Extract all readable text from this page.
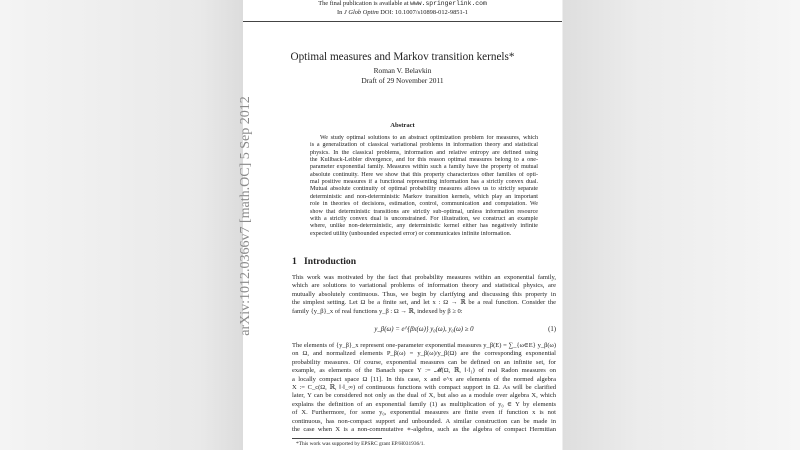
The final publication is available at www.springerlink.com
In J Glob Optim DOI: 10.1007/s10898-012-9851-1
arXiv:1012.0366v7 [math.OC] 5 Sep 2012
Optimal measures and Markov transition kernels*
Roman V. Belavkin
Draft of 29 November 2011
Abstract
We study optimal solutions to an abstract optimization problem for measures, which
is a generalization of classical variational problems in information theory and statistical
physics. In the classical problems, information and relative entropy are defined using
the Kullback-Leibler divergence, and for this reason optimal measures belong to a one-
parameter exponential family. Measures within such a family have the property of mutual
absolute continuity. Here we show that this property characterizes other families of opti-
mal positive measures if a functional representing information has a strictly convex dual.
Mutual absolute continuity of optimal probability measures allows us to strictly separate
deterministic and non-deterministic Markov transition kernels, which play an important
role in theories of decisions, estimation, control, communication and computation. We
show that deterministic transitions are strictly sub-optimal, unless information resource
with a strictly convex dual is unconstrained. For illustration, we construct an example
where, unlike non-deterministic, any deterministic kernel either has negatively infinite
expected utility (unbounded expected error) or communicates infinite information.
1 Introduction
This work was motivated by the fact that probability measures within an exponential family,
which are solutions to variational problems of information theory and statistical physics, are
mutually absolutely continuous. Thus, we begin by clarifying and discussing this property in
the simplest setting. Let Ω be a finite set, and let x : Ω → ℝ be a real function. Consider the
family {y_β}_x of real functions y_β : Ω → ℝ, indexed by β ≥ 0:
y_β(ω) = e^{βx(ω)} y₀(ω), y₀(ω) ≥ 0	(1)
The elements of {y_β}_x represent one-parameter exponential measures y_β(E) = ∑_{ω∈E} y_β(ω)
on Ω, and normalized elements P_β(ω) = y_β(ω)/y_β(Ω) are the corresponding exponential
probability measures. Of course, exponential measures can be defined on an infinite set, for
example, as elements of the Banach space Y := 𝓜(Ω, ℝ, ‖·‖₁) of real Radon measures on
a locally compact space Ω [11]. In this case, x and e^x are elements of the normed algebra
X := C_c(Ω, ℝ, ‖·‖_∞) of continuous functions with compact support in Ω. As will be clarified
later, Y can be considered not only as the dual of X, but also as a module over algebra X, which
explains the definition of an exponential family (1) as multiplication of y₀ ∈ Y by elements
of X. Furthermore, for some y₀, exponential measures are finite even if function x is not
continuous, has non-compact support and unbounded. A similar construction can be made in
the case when X is a non-commutative ∗-algebra, such as the algebra of compact Hermitian
*This work was supported by EPSRC grant EP/H031936/1.
